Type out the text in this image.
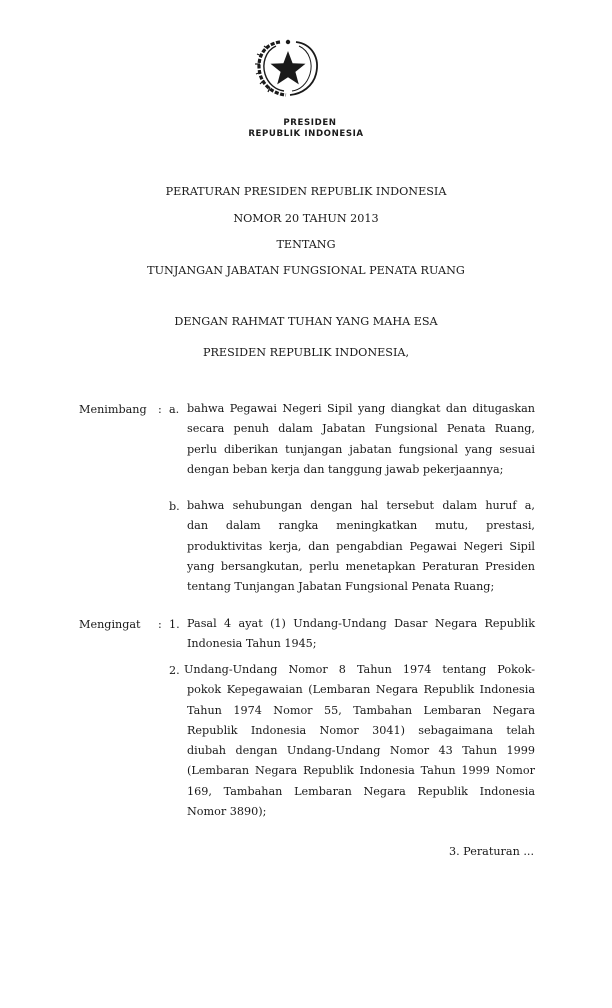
PRESIDEN
REPUBLIK INDONESIA
PERATURAN PRESIDEN REPUBLIK INDONESIA
NOMOR 20 TAHUN 2013
TENTANG
TUNJANGAN JABATAN FUNGSIONAL PENATA RUANG
DENGAN RAHMAT TUHAN YANG MAHA ESA
PRESIDEN REPUBLIK INDONESIA,
Menimbang : a. bahwa Pegawai Negeri Sipil yang diangkat dan ditugaskan

secara penuh dalam Jabatan Fungsional Penata Ruang,

perlu diberikan tunjangan jabatan fungsional yang sesuai

dengan beban kerja dan tanggung jawab pekerjaannya;

b. bahwa sehubungan dengan hal tersebut dalam huruf a,

dan dalam rangka meningkatkan mutu, prestasi,

produktivitas kerja, dan pengabdian Pegawai Negeri Sipil

yang bersangkutan, perlu menetapkan Peraturan Presiden

tentang Tunjangan Jabatan Fungsional Penata Ruang;

Mengingat : 1. Pasal 4 ayat (1) Undang-Undang Dasar Negara Republik

Indonesia Tahun 1945;

2. Undang-Undang Nomor 8 Tahun 1974 tentang Pokok-

pokok Kepegawaian (Lembaran Negara Republik Indonesia

Tahun 1974 Nomor 55, Tambahan Lembaran Negara

Republik Indonesia Nomor 3041) sebagaimana telah

diubah dengan Undang-Undang Nomor 43 Tahun 1999

(Lembaran Negara Republik Indonesia Tahun 1999 Nomor

169, Tambahan Lembaran Negara Republik Indonesia

Nomor 3890);

3. Peraturan ...
